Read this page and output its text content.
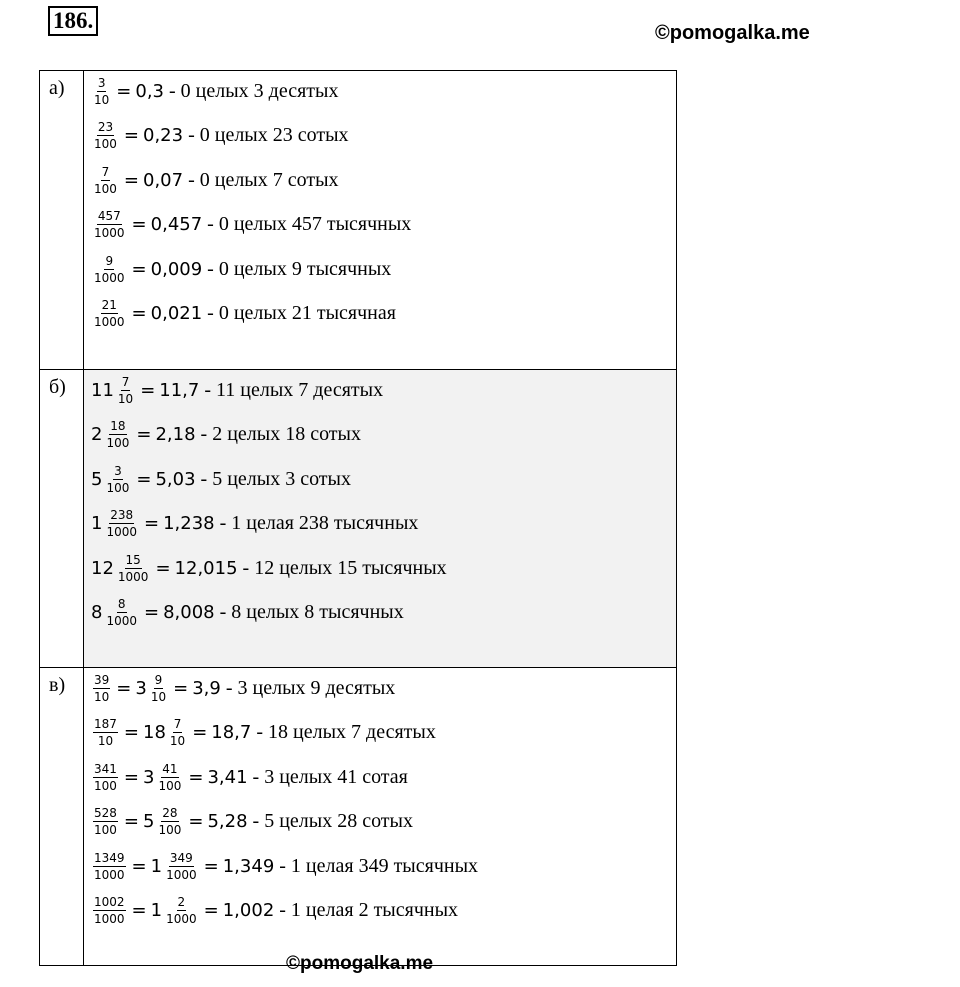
186.	©pomogalka.me
а)	$\frac{3}{10} = 0,3$
- 0 целых 3 десятых
$\frac{23}{100} = 0,23$
- 0 целых 23 сотых
$\frac{7}{100} = 0,07$
- 0 целых 7 сотых
$\frac{457}{1000} = 0,457$
- 0 целых 457 тысячных
$\frac{9}{1000} = 0,009$
- 0 целых 9 тысячных
$\frac{21}{1000} = 0,021$
- 0 целых 21 тысячная
б)	$11 \frac{7}{10} = 11,7$
- 11 целых 7 десятых
$2 \frac{18}{100} = 2,18$
- 2 целых 18 сотых
$5 \frac{3}{100} = 5,03$
- 5 целых 3 сотых
$1 \frac{238}{1000} = 1,238$
- 1 целая 238 тысячных
$12 \frac{15}{1000} = 12,015$
- 12 целых 15 тысячных
$8 \frac{8}{1000} = 8,008$
- 8 целых 8 тысячных
в)	$\frac{39}{10} = 3 \frac{9}{10} = 3,9$
- 3 целых 9 десятых
$\frac{187}{10} = 18 \frac{7}{10} = 18,7$
- 18 целых 7 десятых
$\frac{341}{100} = 3 \frac{41}{100} = 3,41$
- 3 целых 41 сотая
$\frac{528}{100} = 5 \frac{28}{100} = 5,28$
- 5 целых 28 сотых
$\frac{1349}{1000} = 1 \frac{349}{1000} = 1,349$
- 1 целая 349 тысячных
$\frac{1002}{1000} = 1 \frac{2}{1000} = 1,002$
- 1 целая 2 тысячных
©pomogalka.me
